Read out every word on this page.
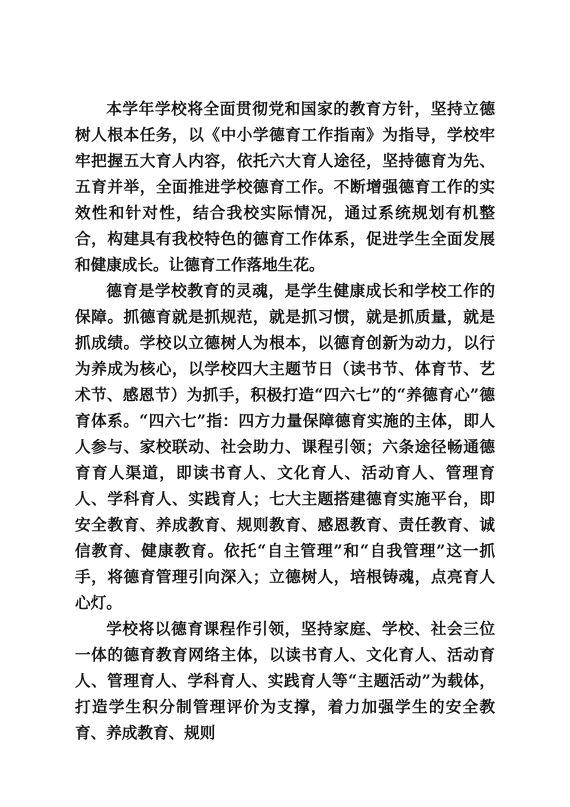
本学年学校将全面贯彻党和国家的教育方针，坚持立德树人根本任务，以《中小学德育工作指南》为指导，学校牢牢把握五大育人内容，依托六大育人途径，坚持德育为先、五育并举，全面推进学校德育工作。不断增强德育工作的实效性和针对性，结合我校实际情况，通过系统规划有机整合，构建具有我校特色的德育工作体系，促进学生全面发展和健康成长。让德育工作落地生花。

德育是学校教育的灵魂，是学生健康成长和学校工作的保障。抓德育就是抓规范，就是抓习惯，就是抓质量，就是抓成绩。学校以立德树人为根本，以德育创新为动力，以行为养成为核心，以学校四大主题节日（读书节、体育节、艺术节、感恩节）为抓手，积极打造“四六七”的“养德育心”德育体系。“四六七”指：四方力量保障德育实施的主体，即人人参与、家校联动、社会助力、课程引领；六条途径畅通德育育人渠道，即读书育人、文化育人、活动育人、管理育人、学科育人、实践育人；七大主题搭建德育实施平台，即安全教育、养成教育、规则教育、感恩教育、责任教育、诚信教育、健康教育。依托“自主管理”和“自我管理”这一抓手，将德育管理引向深入；立德树人，培根铸魂，点亮育人心灯。

学校将以德育课程作引领，坚持家庭、学校、社会三位一体的德育教育网络主体，以读书育人、文化育人、活动育人、管理育人、学科育人、实践育人等“主题活动”为载体，打造学生积分制管理评价为支撑，着力加强学生的安全教育、养成教育、规则
